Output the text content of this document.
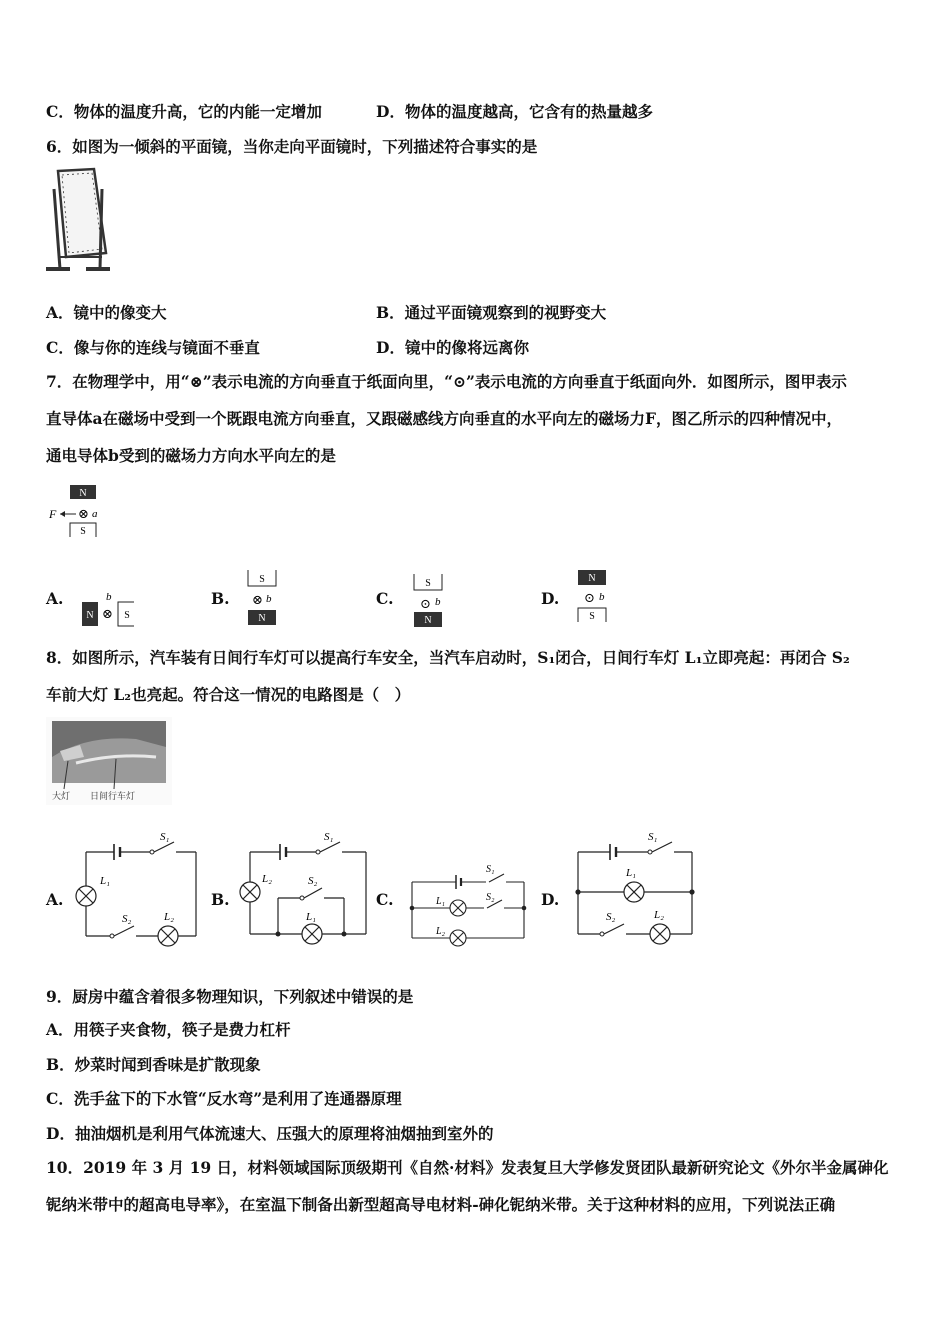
C．物体的温度升高，它的内能一定增加	D．物体的温度越高，它含有的热量越多
6．如图为一倾斜的平面镜，当你走向平面镜时，下列描述符合事实的是
A．镜中的像变大	B．通过平面镜观察到的视野变大
C．像与你的连线与镜面不垂直	D．镜中的像将远离你
7．在物理学中，用“⊗”表示电流的方向垂直于纸面向里，“⊙”表示电流的方向垂直于纸面向外．如图所示，图甲表示
直导体a在磁场中受到一个既跟电流方向垂直，又跟磁感线方向垂直的水平向左的磁场力F，图乙所示的四种情况中，
通电导体b受到的磁场力方向水平向左的是
N
F ⊗ a
S
A.
N ⊗
b
S
B.
S
⊗ b
N
C.
S
⊙ b
N
D.
N
⊙ b
S
8．如图所示，汽车装有日间行车灯可以提高行车安全，当汽车启动时，S₁闭合，日间行车灯 L₁立即亮起：再闭合 S₂
车前大灯 L₂也亮起。符合这一情况的电路图是（　）
大灯 日间行车灯
A.
S₁
L₁
S₂	L₂
B.
S₁
L₂	S₂
L₁
C.
S₁
L₁	S₂
L₂
D.
S₁
L₁
S₂	L₂
9．厨房中蕴含着很多物理知识，下列叙述中错误的是
A．用筷子夹食物，筷子是费力杠杆
B．炒菜时闻到香味是扩散现象
C．洗手盆下的下水管“反水弯”是利用了连通器原理
D．抽油烟机是利用气体流速大、压强大的原理将油烟抽到室外的
10．2019 年 3 月 19 日，材料领域国际顶级期刊《自然·材料》发表复旦大学修发贤团队最新研究论文《外尔半金属砷化
铌纳米带中的超高电导率》，在室温下制备出新型超高导电材料-砷化铌纳米带。关于这种材料的应用，下列说法正确
